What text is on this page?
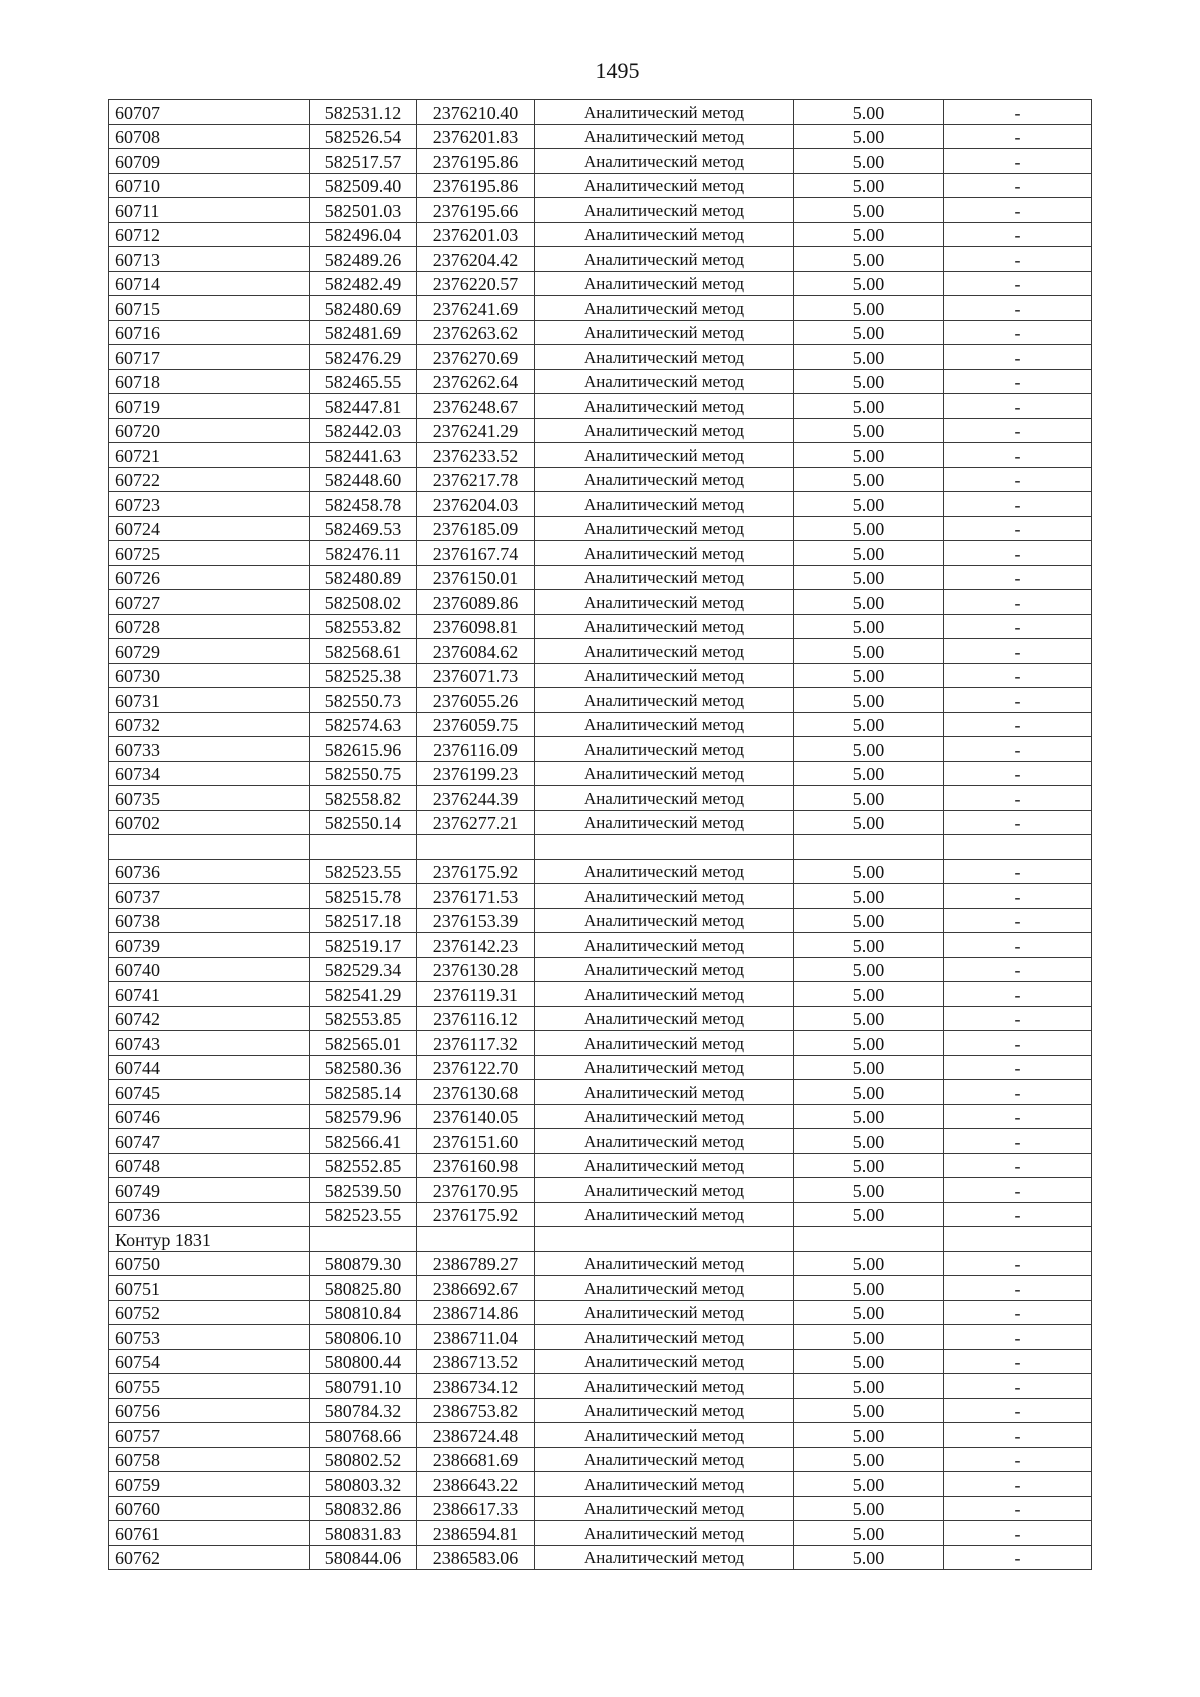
1495
60707	582531.12	2376210.40	Аналитический метод	5.00	-
60708	582526.54	2376201.83	Аналитический метод	5.00	-
60709	582517.57	2376195.86	Аналитический метод	5.00	-
60710	582509.40	2376195.86	Аналитический метод	5.00	-
60711	582501.03	2376195.66	Аналитический метод	5.00	-
60712	582496.04	2376201.03	Аналитический метод	5.00	-
60713	582489.26	2376204.42	Аналитический метод	5.00	-
60714	582482.49	2376220.57	Аналитический метод	5.00	-
60715	582480.69	2376241.69	Аналитический метод	5.00	-
60716	582481.69	2376263.62	Аналитический метод	5.00	-
60717	582476.29	2376270.69	Аналитический метод	5.00	-
60718	582465.55	2376262.64	Аналитический метод	5.00	-
60719	582447.81	2376248.67	Аналитический метод	5.00	-
60720	582442.03	2376241.29	Аналитический метод	5.00	-
60721	582441.63	2376233.52	Аналитический метод	5.00	-
60722	582448.60	2376217.78	Аналитический метод	5.00	-
60723	582458.78	2376204.03	Аналитический метод	5.00	-
60724	582469.53	2376185.09	Аналитический метод	5.00	-
60725	582476.11	2376167.74	Аналитический метод	5.00	-
60726	582480.89	2376150.01	Аналитический метод	5.00	-
60727	582508.02	2376089.86	Аналитический метод	5.00	-
60728	582553.82	2376098.81	Аналитический метод	5.00	-
60729	582568.61	2376084.62	Аналитический метод	5.00	-
60730	582525.38	2376071.73	Аналитический метод	5.00	-
60731	582550.73	2376055.26	Аналитический метод	5.00	-
60732	582574.63	2376059.75	Аналитический метод	5.00	-
60733	582615.96	2376116.09	Аналитический метод	5.00	-
60734	582550.75	2376199.23	Аналитический метод	5.00	-
60735	582558.82	2376244.39	Аналитический метод	5.00	-
60702	582550.14	2376277.21	Аналитический метод	5.00	-

60736	582523.55	2376175.92	Аналитический метод	5.00	-
60737	582515.78	2376171.53	Аналитический метод	5.00	-
60738	582517.18	2376153.39	Аналитический метод	5.00	-
60739	582519.17	2376142.23	Аналитический метод	5.00	-
60740	582529.34	2376130.28	Аналитический метод	5.00	-
60741	582541.29	2376119.31	Аналитический метод	5.00	-
60742	582553.85	2376116.12	Аналитический метод	5.00	-
60743	582565.01	2376117.32	Аналитический метод	5.00	-
60744	582580.36	2376122.70	Аналитический метод	5.00	-
60745	582585.14	2376130.68	Аналитический метод	5.00	-
60746	582579.96	2376140.05	Аналитический метод	5.00	-
60747	582566.41	2376151.60	Аналитический метод	5.00	-
60748	582552.85	2376160.98	Аналитический метод	5.00	-
60749	582539.50	2376170.95	Аналитический метод	5.00	-
60736	582523.55	2376175.92	Аналитический метод	5.00	-
Контур 1831					
60750	580879.30	2386789.27	Аналитический метод	5.00	-
60751	580825.80	2386692.67	Аналитический метод	5.00	-
60752	580810.84	2386714.86	Аналитический метод	5.00	-
60753	580806.10	2386711.04	Аналитический метод	5.00	-
60754	580800.44	2386713.52	Аналитический метод	5.00	-
60755	580791.10	2386734.12	Аналитический метод	5.00	-
60756	580784.32	2386753.82	Аналитический метод	5.00	-
60757	580768.66	2386724.48	Аналитический метод	5.00	-
60758	580802.52	2386681.69	Аналитический метод	5.00	-
60759	580803.32	2386643.22	Аналитический метод	5.00	-
60760	580832.86	2386617.33	Аналитический метод	5.00	-
60761	580831.83	2386594.81	Аналитический метод	5.00	-
60762	580844.06	2386583.06	Аналитический метод	5.00	-
